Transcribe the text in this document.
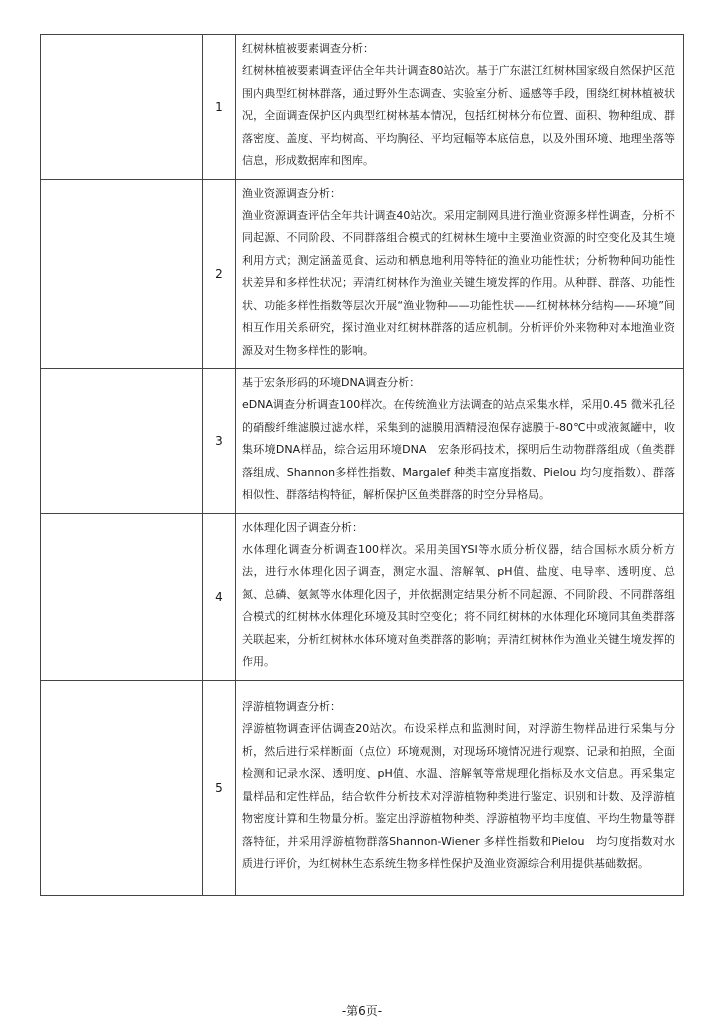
	1	红树林植被要素调查分析：

红树林植被要素调查评估全年共计调查80站次。基于广东湛江红树林国家级自然保护区范围内典型红树林群落，通过野外生态调查、实验室分析、遥感等手段，围绕红树林植被状况，全面调查保护区内典型红树林基本情况，包括红树林分布位置、面积、物种组成、群落密度、盖度、平均树高、平均胸径、平均冠幅等本底信息，以及外围环境、地理坐落等信息，形成数据库和图库。

	2	渔业资源调查分析：

渔业资源调查评估全年共计调查40站次。采用定制网具进行渔业资源多样性调查，分析不同起源、不同阶段、不同群落组合模式的红树林生境中主要渔业资源的时空变化及其生境利用方式；测定涵盖觅食、运动和栖息地利用等特征的渔业功能性状；分析物种间功能性状差异和多样性状况；弄清红树林作为渔业关键生境发挥的作用。从种群、群落、功能性状、功能多样性指数等层次开展“渔业物种——功能性状——红树林林分结构——环境”间相互作用关系研究，探讨渔业对红树林群落的适应机制。分析评价外来物种对本地渔业资源及对生物多样性的影响。

	3	基于宏条形码的环境DNA调查分析：

eDNA调查分析调查100样次。在传统渔业方法调查的站点采集水样，采用0.45 微米孔径的硝酸纤维滤膜过滤水样，采集到的滤膜用酒精浸泡保存滤膜于-80℃中或液氮罐中，收集环境DNA样品，综合运用环境DNA　宏条形码技术，探明后生动物群落组成（鱼类群落组成、Shannon多样性指数、Margalef 种类丰富度指数、Pielou 均匀度指数）、群落相似性、群落结构特征，解析保护区鱼类群落的时空分异格局。

	4	水体理化因子调查分析：

水体理化调查分析调查100样次。采用美国YSI等水质分析仪器，结合国标水质分析方法，进行水体理化因子调查，测定水温、溶解氧、pH值、盐度、电导率、透明度、总氮、总磷、氨氮等水体理化因子，并依据测定结果分析不同起源、不同阶段、不同群落组合模式的红树林水体理化环境及其时空变化；将不同红树林的水体理化环境同其鱼类群落关联起来，分析红树林水体环境对鱼类群落的影响；弄清红树林作为渔业关键生境发挥的作用。

	5	浮游植物调查分析：

浮游植物调查评估调查20站次。布设采样点和监测时间，对浮游生物样品进行采集与分析，然后进行采样断面（点位）环境观测，对现场环境情况进行观察、记录和拍照，全面检测和记录水深、透明度、pH值、水温、溶解氧等常规理化指标及水文信息。再采集定量样品和定性样品，结合软件分析技术对浮游植物种类进行鉴定、识别和计数、及浮游植物密度计算和生物量分析。鉴定出浮游植物种类、浮游植物平均丰度值、平均生物量等群落特征，并采用浮游植物群落Shannon-Wiener 多样性指数和Pielou　均匀度指数对水质进行评价，为红树林生态系统生物多样性保护及渔业资源综合利用提供基础数据。

-第6页-
